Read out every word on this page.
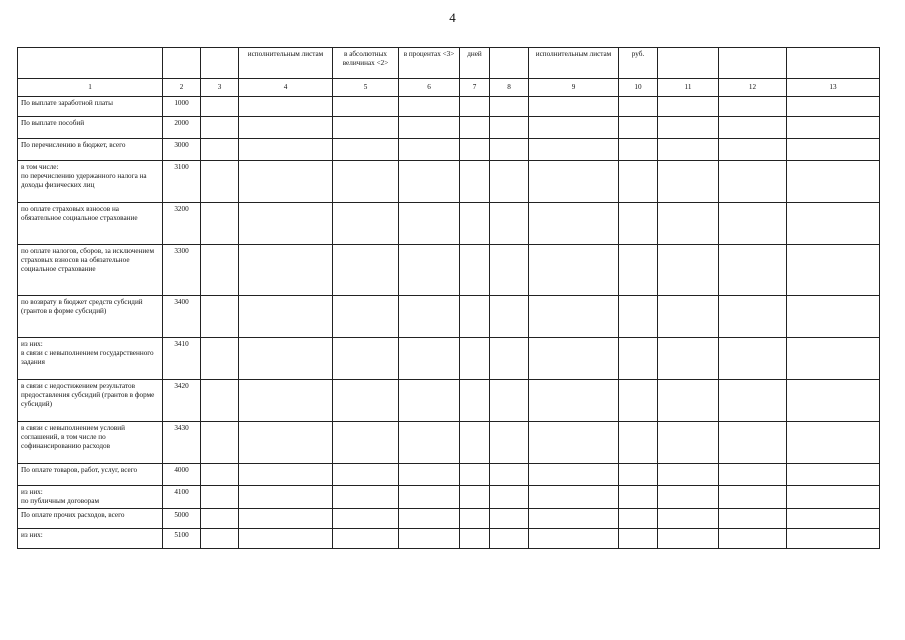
4
			исполнительным листам	в абсолютных величинах <2>	в процентах <3>	дней		исполнительным листам	руб.			
1	2	3	4	5	6	7	8	9	10	11	12	13
По выплате заработной платы	1000											
По выплате пособий	2000											
По перечислению в бюджет, всего	3000											
в том числе:
по перечислению удержанного налога на доходы физических лиц	3100											
по оплате страховых взносов на обязательное социальное страхование	3200											
по оплате налогов, сборов, за исключением страховых взносов на обязательное социальное страхование	3300											
по возврату в бюджет средств субсидий (грантов в форме субсидий)	3400											
из них:
в связи с невыполнением государственного задания	3410											
в связи с недостижением результатов предоставления субсидий (грантов в форме субсидий)	3420											
в связи с невыполнением условий соглашений, в том числе по софинансированию расходов	3430											
По оплате товаров, работ, услуг, всего	4000											
из них:
по публичным договорам	4100											
По оплате прочих расходов, всего	5000											
из них:	5100											
